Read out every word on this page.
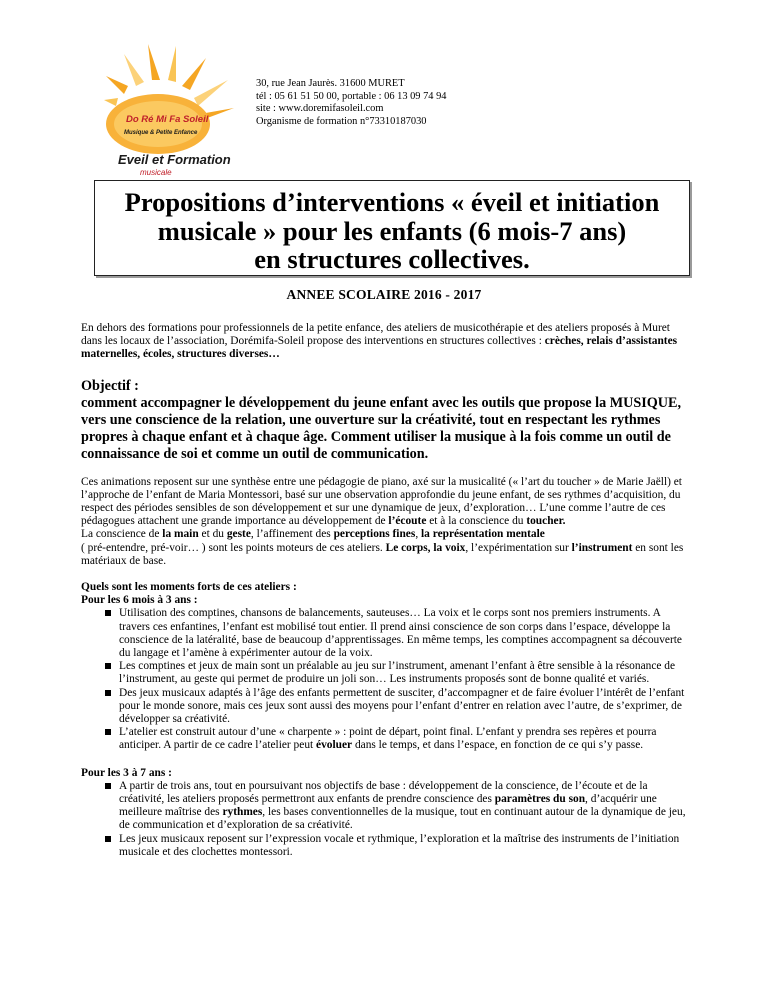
Do Ré Mi Fa Soleil
Musique & Petite Enfance
Eveil et Formation
musicale
30, rue Jean Jaurès. 31600 MURET
tél : 05 61 51 50 00, portable : 06 13 09 74 94
site : www.doremifasoleil.com
Organisme de formation n°73310187030
Propositions d’interventions « éveil et initiation
musicale » pour les enfants (6 mois-7 ans)
en structures collectives.
ANNEE SCOLAIRE 2016 - 2017

En dehors des formations pour professionnels de la petite enfance, des ateliers de musicothérapie et des ateliers proposés à Muret dans les locaux de l’association, Dorémifa-Soleil propose des interventions en structures collectives : crèches, relais d’assistantes maternelles, écoles, structures diverses…

Objectif :
comment accompagner le développement du jeune enfant avec les outils que propose la MUSIQUE, vers une conscience de la relation, une ouverture sur la créativité, tout en respectant les rythmes propres à chaque enfant et à chaque âge. Comment utiliser la musique à la fois comme un outil de connaissance de soi et comme un outil de communication.

Ces animations reposent sur une synthèse entre une pédagogie de piano, axé sur la musicalité (« l’art du toucher » de Marie Jaëll) et l’approche de l’enfant de Maria Montessori, basé sur une observation approfondie du jeune enfant, de ses rythmes d’acquisition, du respect des périodes sensibles de son développement et sur une dynamique de jeux, d’exploration… L’une comme l’autre de ces pédagogues attachent une grande importance au développement de l’écoute et à la conscience du toucher.
La conscience de la main et du geste, l’affinement des perceptions fines, la représentation mentale
( pré-entendre, pré-voir… ) sont les points moteurs de ces ateliers. Le corps, la voix, l’expérimentation sur l’instrument en sont les matériaux de base.

Quels sont les moments forts de ces ateliers :
Pour les 6 mois à 3 ans :
Utilisation des comptines, chansons de balancements, sauteuses… La voix et le corps sont nos premiers instruments. A travers ces enfantines, l’enfant est mobilisé tout entier. Il prend ainsi conscience de son corps dans l’espace, développe la conscience de la latéralité, base de beaucoup d’apprentissages. En même temps, les comptines accompagnent sa découverte du langage et l’amène à expérimenter autour de la voix.
Les comptines et jeux de main sont un préalable au jeu sur l’instrument, amenant l’enfant à être sensible à la résonance de l’instrument, au geste qui permet de produire un joli son… Les instruments proposés sont de bonne qualité et variés.
Des jeux musicaux adaptés à l’âge des enfants permettent de susciter, d’accompagner et de faire évoluer l’intérêt de l’enfant pour le monde sonore, mais ces jeux sont aussi des moyens pour l’enfant d’entrer en relation avec l’autre, de s’exprimer, de développer sa créativité.
L’atelier est construit autour d’une « charpente » : point de départ, point final. L’enfant y prendra ses repères et pourra anticiper. A partir de ce cadre l’atelier peut évoluer dans le temps, et dans l’espace, en fonction de ce qui s’y passe.
Pour les 3 à 7 ans :
A partir de trois ans, tout en poursuivant nos objectifs de base : développement de la conscience, de l’écoute et de la créativité, les ateliers proposés permettront aux enfants de prendre conscience des paramètres du son, d’acquérir une meilleure maîtrise des rythmes, les bases conventionnelles de la musique, tout en continuant autour de la dynamique de jeu, de communication et d’exploration de sa créativité.
Les jeux musicaux reposent sur l’expression vocale et rythmique, l’exploration et la maîtrise des instruments de l’initiation musicale et des clochettes montessori.
